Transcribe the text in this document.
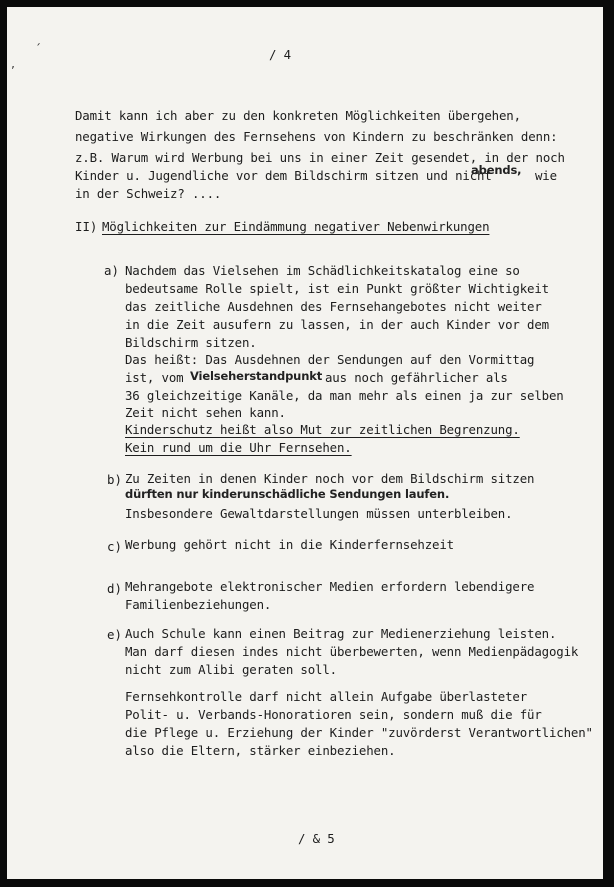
´
’
/ 4
Damit kann ich aber zu den konkreten Möglichkeiten übergehen,
negative Wirkungen des Fernsehens von Kindern zu beschränken denn:
z.B. Warum wird Werbung bei uns in einer Zeit gesendet, in der noch
Kinder u. Jugendliche vor dem Bildschirm sitzen und nicht
abends, wie
in der Schweiz? ....
II) Möglichkeiten zur Eindämmung negativer Nebenwirkungen
a) Nachdem das Vielsehen im Schädlichkeitskatalog eine so
bedeutsame Rolle spielt, ist ein Punkt größter Wichtigkeit
das zeitliche Ausdehnen des Fernsehangebotes nicht weiter
in die Zeit ausufern zu lassen, in der auch Kinder vor dem
Bildschirm sitzen.
Das heißt: Das Ausdehnen der Sendungen auf den Vormittag
ist, vom Vielseherstandpunkt aus noch gefährlicher als
36 gleichzeitige Kanäle, da man mehr als einen ja zur selben
Zeit nicht sehen kann.
Kinderschutz heißt also Mut zur zeitlichen Begrenzung.
Kein rund um die Uhr Fernsehen.
b) Zu Zeiten in denen Kinder noch vor dem Bildschirm sitzen
dürften nur kinderunschädliche Sendungen laufen.
Insbesondere Gewaltdarstellungen müssen unterbleiben.
c) Werbung gehört nicht in die Kinderfernsehzeit
d) Mehrangebote elektronischer Medien erfordern lebendigere
Familienbeziehungen.
e) Auch Schule kann einen Beitrag zur Medienerziehung leisten.
Man darf diesen indes nicht überbewerten, wenn Medienpädagogik
nicht zum Alibi geraten soll.
Fernsehkontrolle darf nicht allein Aufgabe überlasteter
Polit- u. Verbands-Honoratioren sein, sondern muß die für
die Pflege u. Erziehung der Kinder "zuvörderst Verantwortlichen"
also die Eltern, stärker einbeziehen.
/ & 5
